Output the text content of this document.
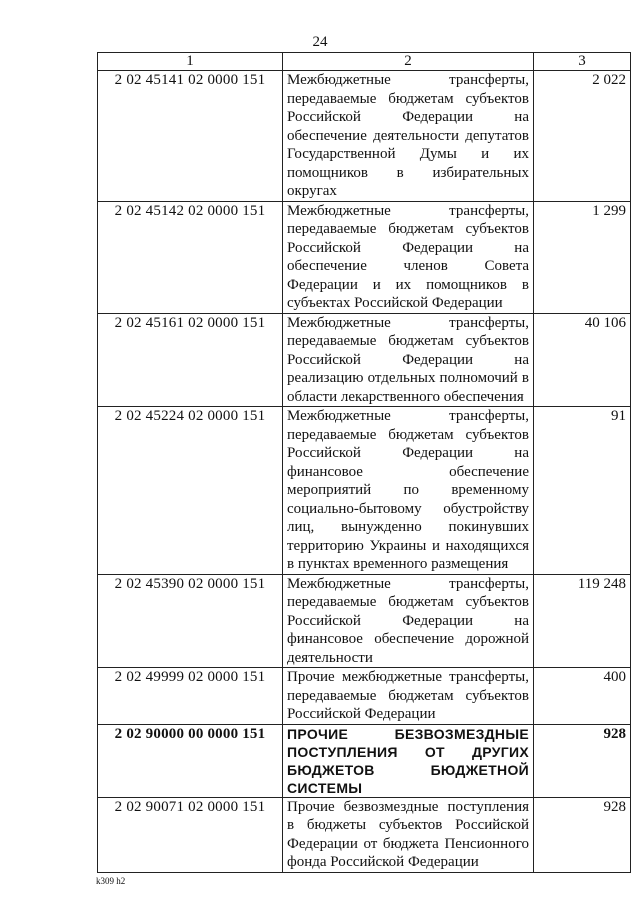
24
1	2	3
2 02 45141 02 0000 151	Межбюджетные трансферты, передаваемые бюджетам субъектов Российской Федерации на обеспечение деятельности депутатов Государственной Думы и их помощников в избирательных округах	2 022
2 02 45142 02 0000 151	Межбюджетные трансферты, передаваемые бюджетам субъектов Российской Федерации на обеспечение членов Совета Федерации и их помощников в субъектах Российской Федерации	1 299
2 02 45161 02 0000 151	Межбюджетные трансферты, передаваемые бюджетам субъектов Российской Федерации на реализацию отдельных полномочий в области лекарственного обеспечения	40 106
2 02 45224 02 0000 151	Межбюджетные трансферты, передаваемые бюджетам субъектов Российской Федерации на финансовое обеспечение мероприятий по временному социально-бытовому обустройству лиц, вынужденно покинувших территорию Украины и находящихся в пунктах временного размещения	91
2 02 45390 02 0000 151	Межбюджетные трансферты, передаваемые бюджетам субъектов Российской Федерации на финансовое обеспечение дорожной деятельности	119 248
2 02 49999 02 0000 151	Прочие межбюджетные трансферты, передаваемые бюджетам субъектов Российской Федерации	400
2 02 90000 00 0000 151	ПРОЧИЕ БЕЗВОЗМЕЗДНЫЕ ПОСТУПЛЕНИЯ ОТ ДРУГИХ БЮДЖЕТОВ БЮДЖЕТНОЙ СИСТЕМЫ	928
2 02 90071 02 0000 151	Прочие безвозмездные поступления в бюджеты субъектов Российской Федерации от бюджета Пенсионного фонда Российской Федерации	928
k309 h2
